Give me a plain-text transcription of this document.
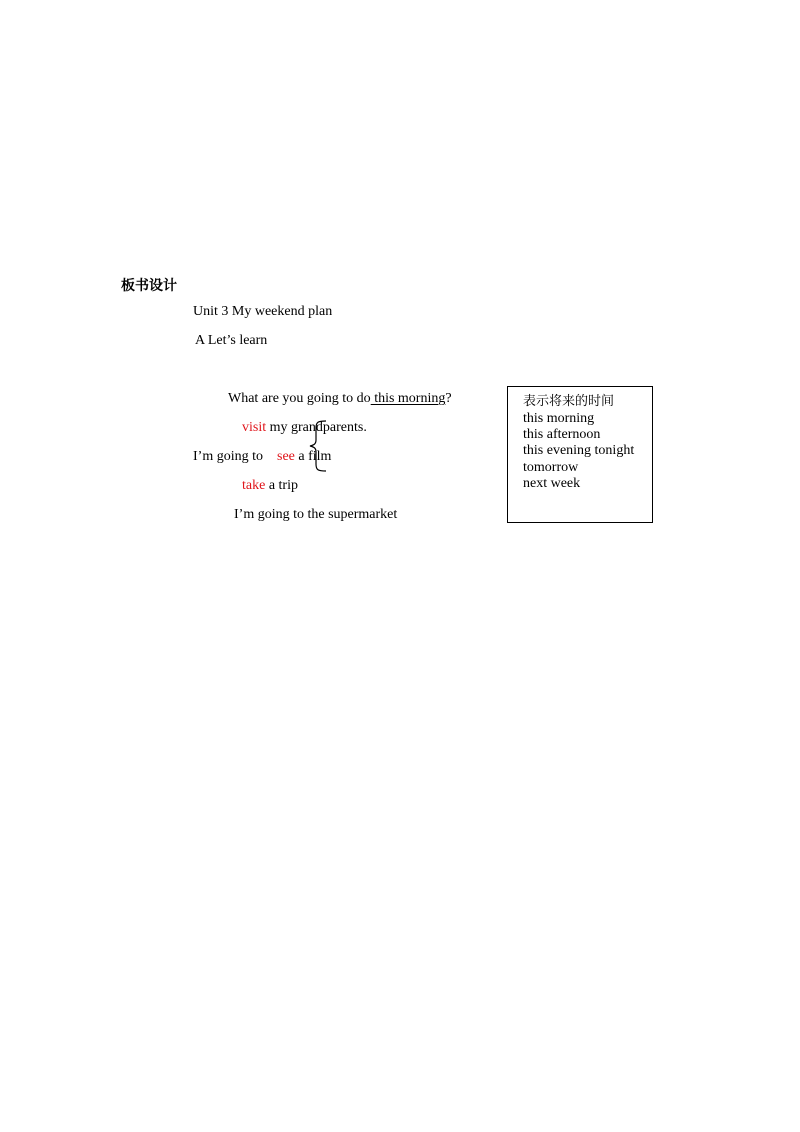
板书设计
Unit 3 My weekend plan
A Let’s learn
What are you going to do this morning?
visit my grandparents.
I’m going to see a film
take a trip
I’m going to the supermarket
表示将来的时间
this morning
this afternoon
this evening tonight
tomorrow
next week
